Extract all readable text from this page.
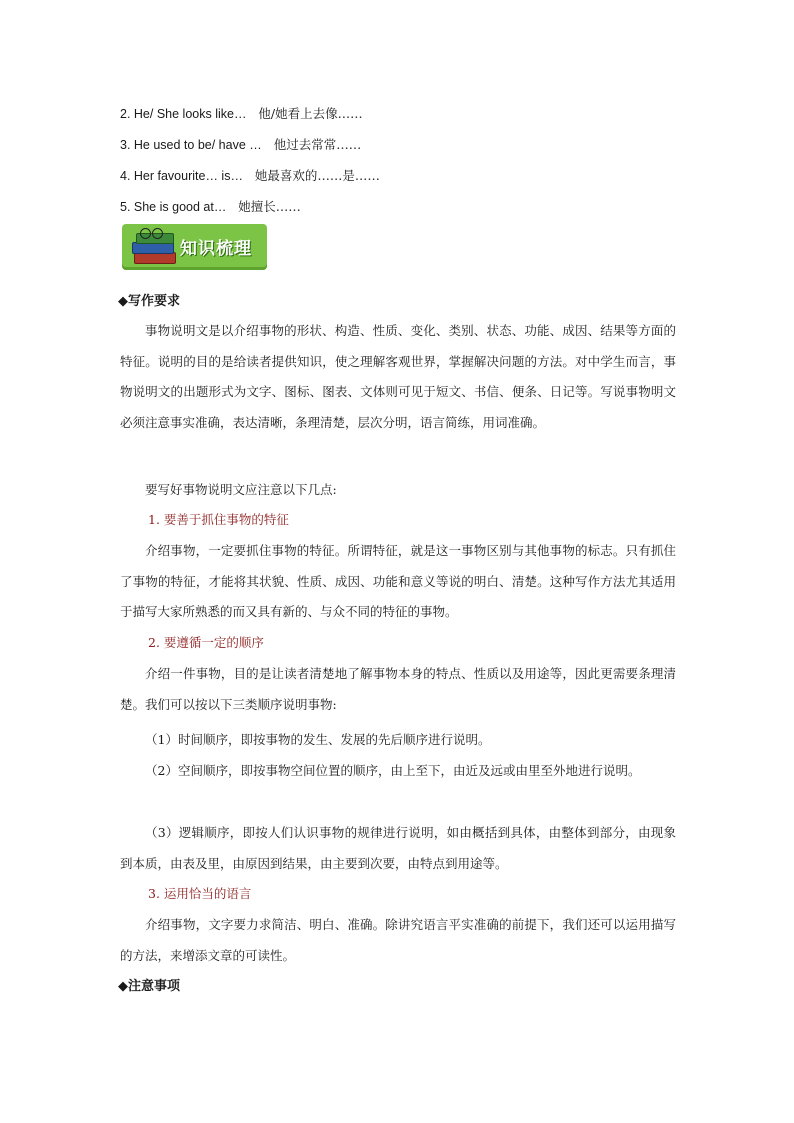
2. He/ She looks like… 他/她看上去像……
3. He used to be/ have … 他过去常常……
4. Her favourite… is… 她最喜欢的……是……
5. She is good at… 她擅长……
知识梳理
◆写作要求
事物说明文是以介绍事物的形状、构造、性质、变化、类别、状态、功能、成因、结果等方面的特征。说明的目的是给读者提供知识，使之理解客观世界，掌握解决问题的方法。对中学生而言，事物说明文的出题形式为文字、图标、图表、文体则可见于短文、书信、便条、日记等。写说事物明文必须注意事实准确，表达清晰，条理清楚，层次分明，语言简练，用词准确。
要写好事物说明文应注意以下几点:
1. 要善于抓住事物的特征
介绍事物，一定要抓住事物的特征。所谓特征，就是这一事物区别与其他事物的标志。只有抓住了事物的特征，才能将其状貌、性质、成因、功能和意义等说的明白、清楚。这种写作方法尤其适用于描写大家所熟悉的而又具有新的、与众不同的特征的事物。
2. 要遵循一定的顺序
介绍一件事物，目的是让读者清楚地了解事物本身的特点、性质以及用途等，因此更需要条理清楚。我们可以按以下三类顺序说明事物:
（1）时间顺序，即按事物的发生、发展的先后顺序进行说明。
（2）空间顺序，即按事物空间位置的顺序，由上至下，由近及远或由里至外地进行说明。
（3）逻辑顺序，即按人们认识事物的规律进行说明，如由概括到具体，由整体到部分，由现象到本质，由表及里，由原因到结果，由主要到次要，由特点到用途等。
3. 运用恰当的语言
介绍事物，文字要力求简洁、明白、准确。除讲究语言平实准确的前提下，我们还可以运用描写的方法，来增添文章的可读性。
◆注意事项
